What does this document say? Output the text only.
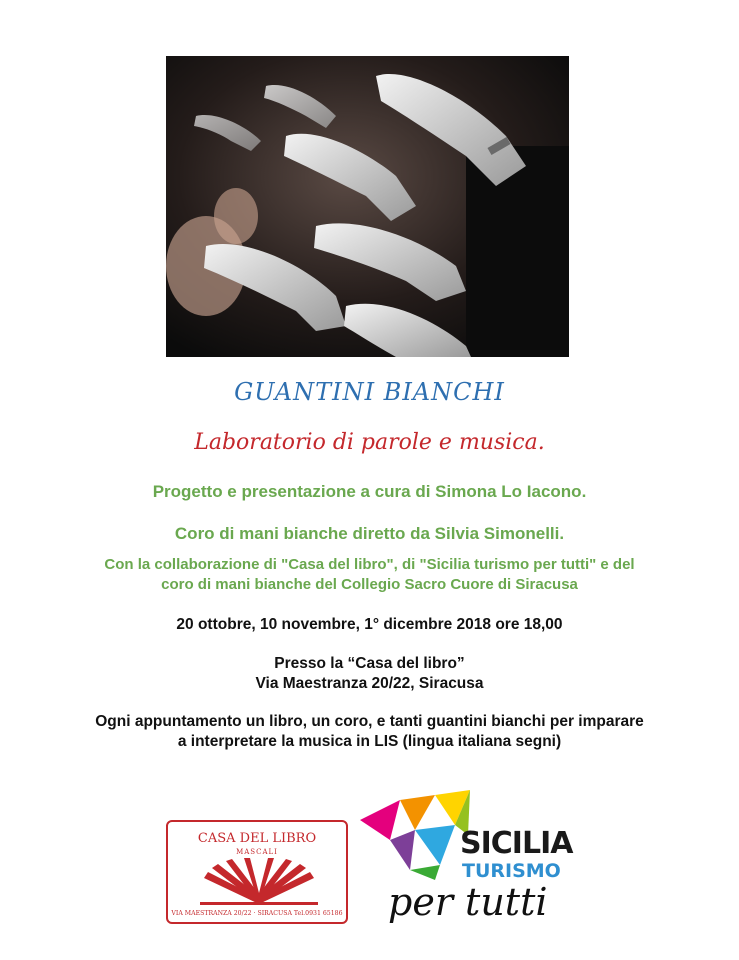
GUANTINI BIANCHI
Laboratorio di parole e musica.
Progetto e presentazione a cura di Simona Lo Iacono.
Coro di mani bianche diretto da Silvia Simonelli.
Con la collaborazione di "Casa del libro", di "Sicilia turismo per tutti" e del
coro di mani bianche del Collegio Sacro Cuore di Siracusa
20 ottobre, 10 novembre, 1° dicembre 2018 ore 18,00
Presso la “Casa del libro”
Via Maestranza 20/22, Siracusa
Ogni appuntamento un libro, un coro, e tanti guantini bianchi per imparare
a interpretare la musica in LIS (lingua italiana segni)
CASA DEL LIBRO
MASCALI
VIA MAESTRANZA 20/22 · SIRACUSA Tel.0931 65186
SICILIA
TURISMO
per tutti
